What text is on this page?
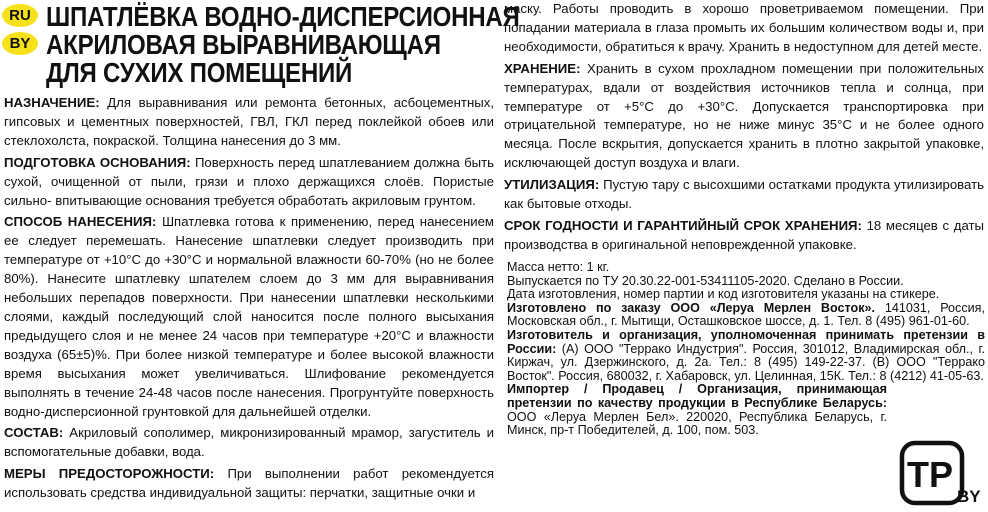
RU
BY
ШПАТЛЁВКА ВОДНО-ДИСПЕРСИОННАЯ
АКРИЛОВАЯ ВЫРАВНИВАЮЩАЯ
ДЛЯ СУХИХ ПОМЕЩЕНИЙ

НАЗНАЧЕНИЕ: Для выравнивания или ремонта бетонных, асбоцементных, гипсовых и цементных поверхностей, ГВЛ, ГКЛ перед поклейкой обоев или стеклохолста, покраской. Толщина нанесения до 3 мм.

ПОДГОТОВКА ОСНОВАНИЯ: Поверхность перед шпатлеванием должна быть сухой, очищенной от пыли, грязи и плохо держащихся слоёв. Пористые сильно- впитывающие основания требуется обработать акриловым грунтом.

СПОСОБ НАНЕСЕНИЯ: Шпатлевка готова к применению, перед нанесением ее следует перемешать. Нанесение шпатлевки следует производить при температуре от +10°С до +30°С и нормальной влажности 60-70% (но не более 80%). Нанесите шпатлевку шпателем слоем до 3 мм для выравнивания небольших перепадов поверхности. При нанесении шпатлевки несколькими слоями, каждый последующий слой наносится после полного высыхания предыдущего слоя и не менее 24 часов при температуре +20°С и влажности воздуха (65±5)%. При более низкой температуре и более высокой влажности время высыхания может увеличиваться. Шлифование рекомендуется выполнять в течение 24-48 часов после нанесения. Прогрунтуйте поверхность водно-дисперсионной грунтовкой для дальнейшей отделки.

СОСТАВ: Акриловый сополимер, микронизированный мрамор, загуститель и вспомогательные добавки, вода.

МЕРЫ ПРЕДОСТОРОЖНОСТИ: При выполнении работ рекомендуется использовать средства индивидуальной защиты: перчатки, защитные очки и

маску. Работы проводить в хорошо проветриваемом помещении. При попадании материала в глаза промыть их большим количеством воды и, при необходимости, обратиться к врачу. Хранить в недоступном для детей месте.

ХРАНЕНИЕ: Хранить в сухом прохладном помещении при положительных температурах, вдали от воздействия источников тепла и солнца, при температуре от +5°С до +30°С. Допускается транспортировка при отрицательной температуре, но не ниже минус 35°С и не более одного месяца. После вскрытия, допускается хранить в плотно закрытой упаковке, исключающей доступ воздуха и влаги.

УТИЛИЗАЦИЯ: Пустую тару с высохшими остатками продукта утилизировать как бытовые отходы.

СРОК ГОДНОСТИ И ГАРАНТИЙНЫЙ СРОК ХРАНЕНИЯ: 18 месяцев с даты производства в оригинальной неповрежденной упаковке.

Масса нетто: 1 кг.

Выпускается по ТУ 20.30.22-001-53411105-2020. Сделано в России.

Дата изготовления, номер партии и код изготовителя указаны на стикере.

Изготовлено по заказу ООО «Леруа Мерлен Восток». 141031, Россия, Московская обл., г. Мытищи, Осташковское шоссе, д. 1. Тел. 8 (495) 961-01-60.

Изготовитель и организация, уполномоченная принимать претензии в России: (А) ООО "Террако Индустрия". Россия, 301012, Владимирская обл., г. Киржач, ул. Дзержинского, д. 2а. Тел.: 8 (495) 149-22-37. (В) ООО "Террако Восток". Россия, 680032, г. Хабаровск, ул. Целинная, 15К. Тел.: 8 (4212) 41-05-63.

Импортер / Продавец / Организация, принимающая претензии по качеству продукции в Республике Беларусь: ООО «Леруа Мерлен Бел». 220020, Республика Беларусь, г. Минск, пр-т Победителей, д. 100, пом. 503.

ТР
BY
